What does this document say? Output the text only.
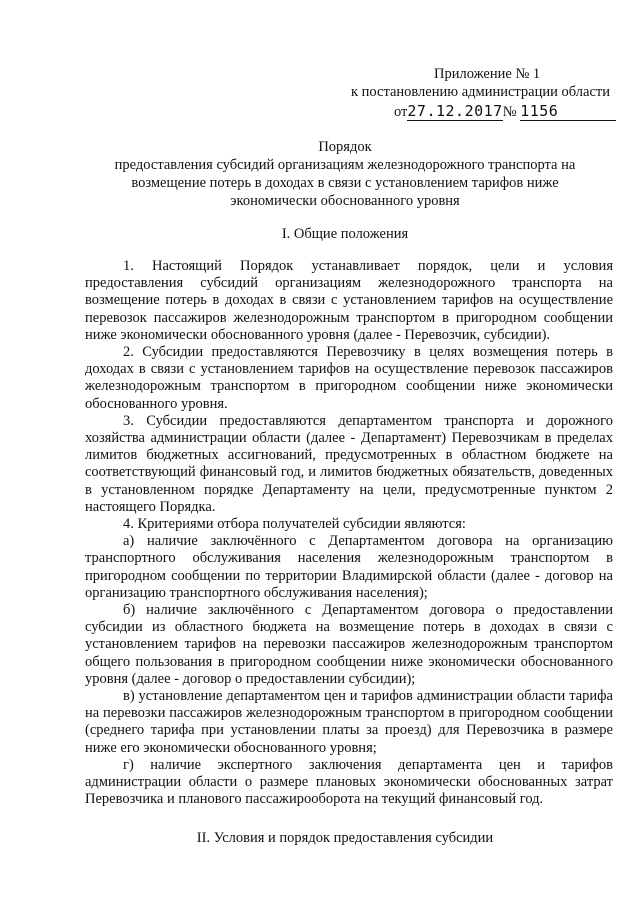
Приложение № 1
к постановлению администрации области
от27.12.2017№ 1156
Порядок
предоставления субсидий организациям железнодорожного транспорта на
возмещение потерь в доходах в связи с установлением тарифов ниже
экономически обоснованного уровня
I. Общие положения

1. Настоящий Порядок устанавливает порядок, цели и условия предоставления субсидий организациям железнодорожного транспорта на возмещение потерь в доходах в связи с установлением тарифов на осуществление перевозок пассажиров железнодорожным транспортом в пригородном сообщении ниже экономически обоснованного уровня (далее - Перевозчик, субсидии).

2. Субсидии предоставляются Перевозчику в целях возмещения потерь в доходах в связи с установлением тарифов на осуществление перевозок пассажиров железнодорожным транспортом в пригородном сообщении ниже экономически обоснованного уровня.

3. Субсидии предоставляются департаментом транспорта и дорожного хозяйства администрации области (далее - Департамент) Перевозчикам в пределах лимитов бюджетных ассигнований, предусмотренных в областном бюджете на соответствующий финансовый год, и лимитов бюджетных обязательств, доведенных в установленном порядке Департаменту на цели, предусмотренные пунктом 2 настоящего Порядка.

4. Критериями отбора получателей субсидии являются:

а) наличие заключённого с Департаментом договора на организацию транспортного обслуживания населения железнодорожным транспортом в пригородном сообщении по территории Владимирской области (далее - договор на организацию транспортного обслуживания населения);

б) наличие заключённого с Департаментом договора о предоставлении субсидии из областного бюджета на возмещение потерь в доходах в связи с установлением тарифов на перевозки пассажиров железнодорожным транспортом общего пользования в пригородном сообщении ниже экономически обоснованного уровня (далее - договор о предоставлении субсидии);

в) установление департаментом цен и тарифов администрации области тарифа на перевозки пассажиров железнодорожным транспортом в пригородном сообщении (среднего тарифа при установлении платы за проезд) для Перевозчика в размере ниже его экономически обоснованного уровня;

г) наличие экспертного заключения департамента цен и тарифов администрации области о размере плановых экономически обоснованных затрат Перевозчика и планового пассажирооборота на текущий финансовый год.

II. Условия и порядок предоставления субсидии
